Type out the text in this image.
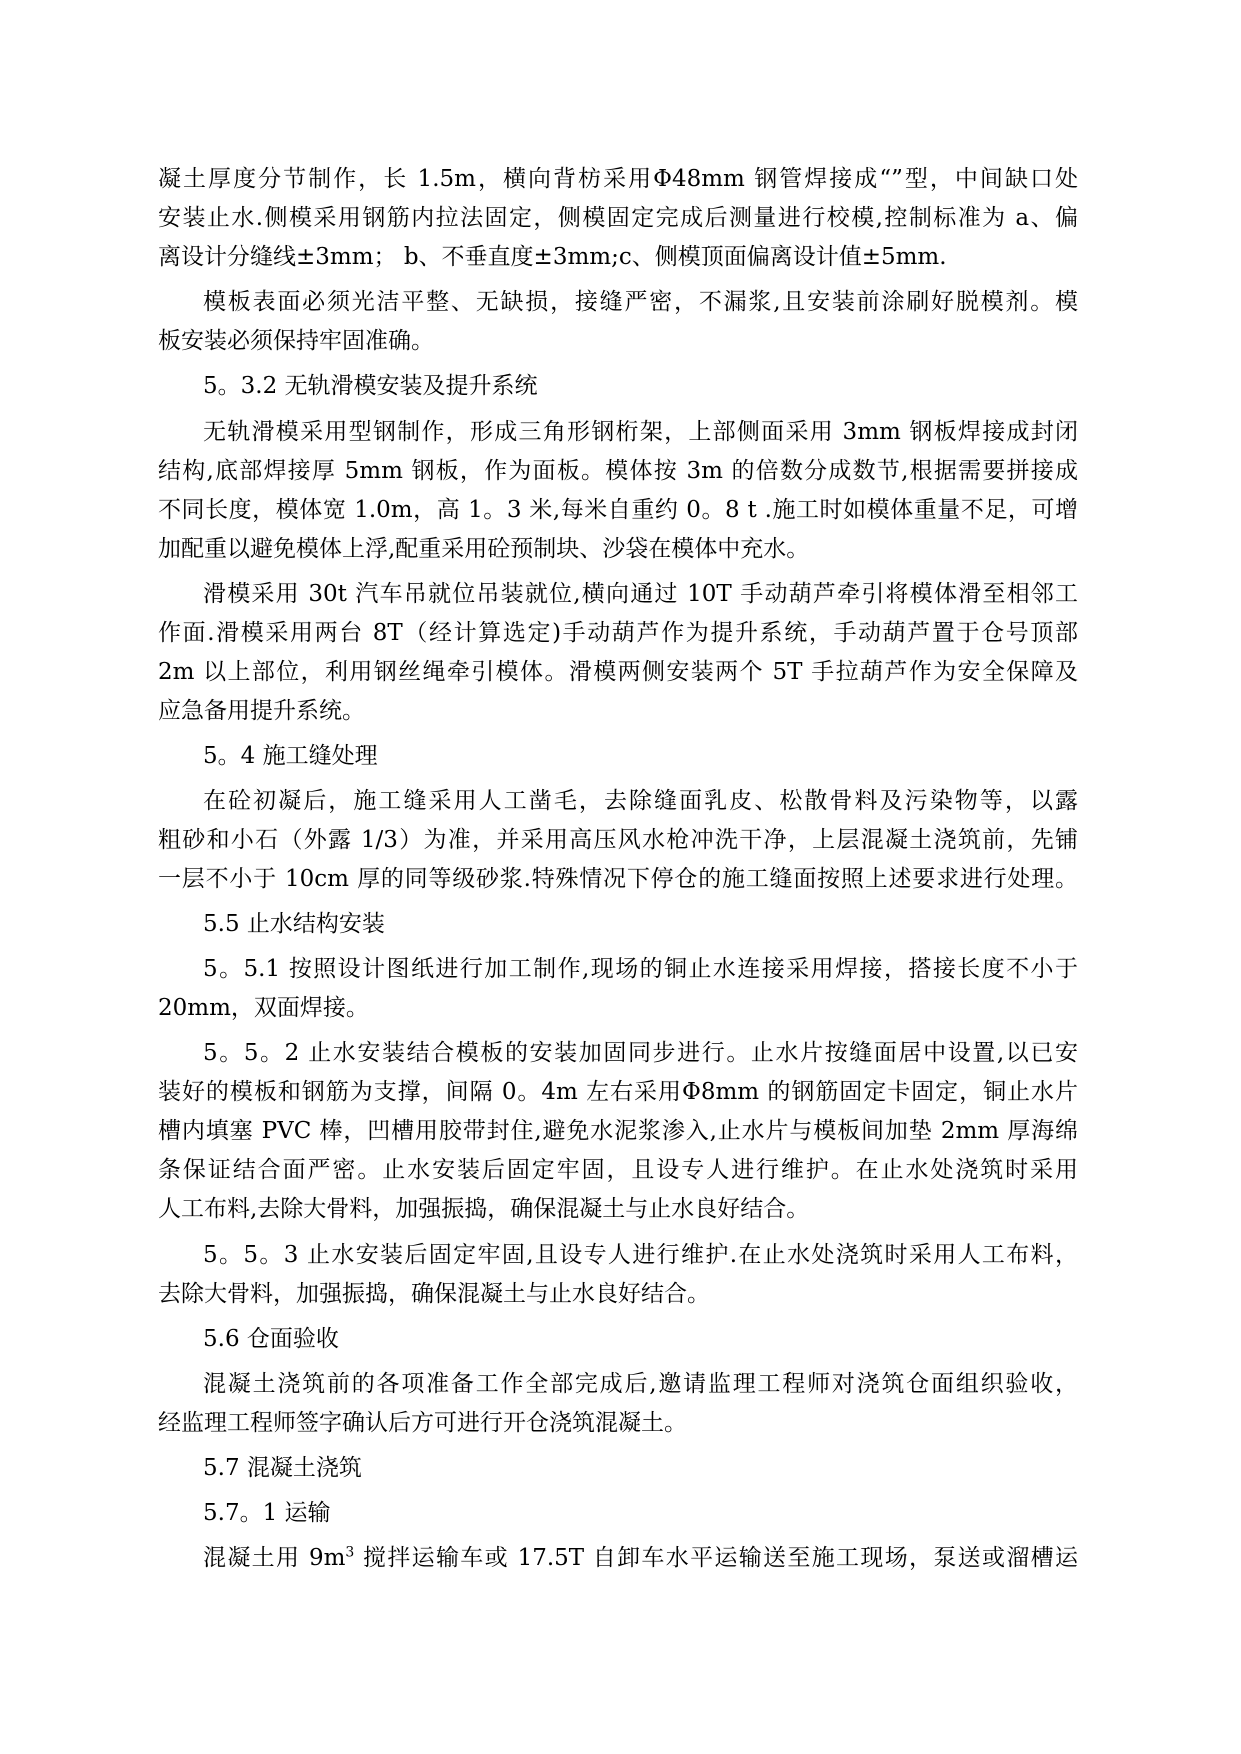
凝土厚度分节制作，长 1.5m，横向背枋采用Φ48mm 钢管焊接成“”型，中间缺口处
安装止水.侧模采用钢筋内拉法固定，侧模固定完成后测量进行校模,控制标准为 a、偏
离设计分缝线±3mm； b、不垂直度±3mm;c、侧模顶面偏离设计值±5mm.
模板表面必须光洁平整、无缺损，接缝严密，不漏浆,且安装前涂刷好脱模剂。模
板安装必须保持牢固准确。
5。3.2 无轨滑模安装及提升系统
无轨滑模采用型钢制作，形成三角形钢桁架，上部侧面采用 3mm 钢板焊接成封闭
结构,底部焊接厚 5mm 钢板，作为面板。模体按 3m 的倍数分成数节,根据需要拼接成
不同长度，模体宽 1.0m，高 1。3 米,每米自重约 0。8 t .施工时如模体重量不足，可增
加配重以避免模体上浮,配重采用砼预制块、沙袋在模体中充水。
滑模采用 30t 汽车吊就位吊装就位,横向通过 10T 手动葫芦牵引将模体滑至相邻工
作面.滑模采用两台 8T（经计算选定)手动葫芦作为提升系统，手动葫芦置于仓号顶部
2m 以上部位，利用钢丝绳牵引模体。滑模两侧安装两个 5T 手拉葫芦作为安全保障及
应急备用提升系统。
5。4 施工缝处理
在砼初凝后，施工缝采用人工凿毛，去除缝面乳皮、松散骨料及污染物等，以露
粗砂和小石（外露 1/3）为准，并采用高压风水枪冲洗干净，上层混凝土浇筑前，先铺
一层不小于 10cm 厚的同等级砂浆.特殊情况下停仓的施工缝面按照上述要求进行处理。
5.5 止水结构安装
5。5.1 按照设计图纸进行加工制作,现场的铜止水连接采用焊接，搭接长度不小于
20mm，双面焊接。
5。5。2 止水安装结合模板的安装加固同步进行。止水片按缝面居中设置,以已安
装好的模板和钢筋为支撑，间隔 0。4m 左右采用Φ8mm 的钢筋固定卡固定，铜止水片
槽内填塞 PVC 棒，凹槽用胶带封住,避免水泥浆渗入,止水片与模板间加垫 2mm 厚海绵
条保证结合面严密。止水安装后固定牢固，且设专人进行维护。在止水处浇筑时采用
人工布料,去除大骨料，加强振捣，确保混凝土与止水良好结合。
5。5。3 止水安装后固定牢固,且设专人进行维护.在止水处浇筑时采用人工布料，
去除大骨料，加强振捣，确保混凝土与止水良好结合。
5.6 仓面验收
混凝土浇筑前的各项准备工作全部完成后,邀请监理工程师对浇筑仓面组织验收，
经监理工程师签字确认后方可进行开仓浇筑混凝土。
5.7 混凝土浇筑
5.7。1 运输
混凝土用 $9m^3$ 搅拌运输车或 17.5T 自卸车水平运输送至施工现场，泵送或溜槽运
